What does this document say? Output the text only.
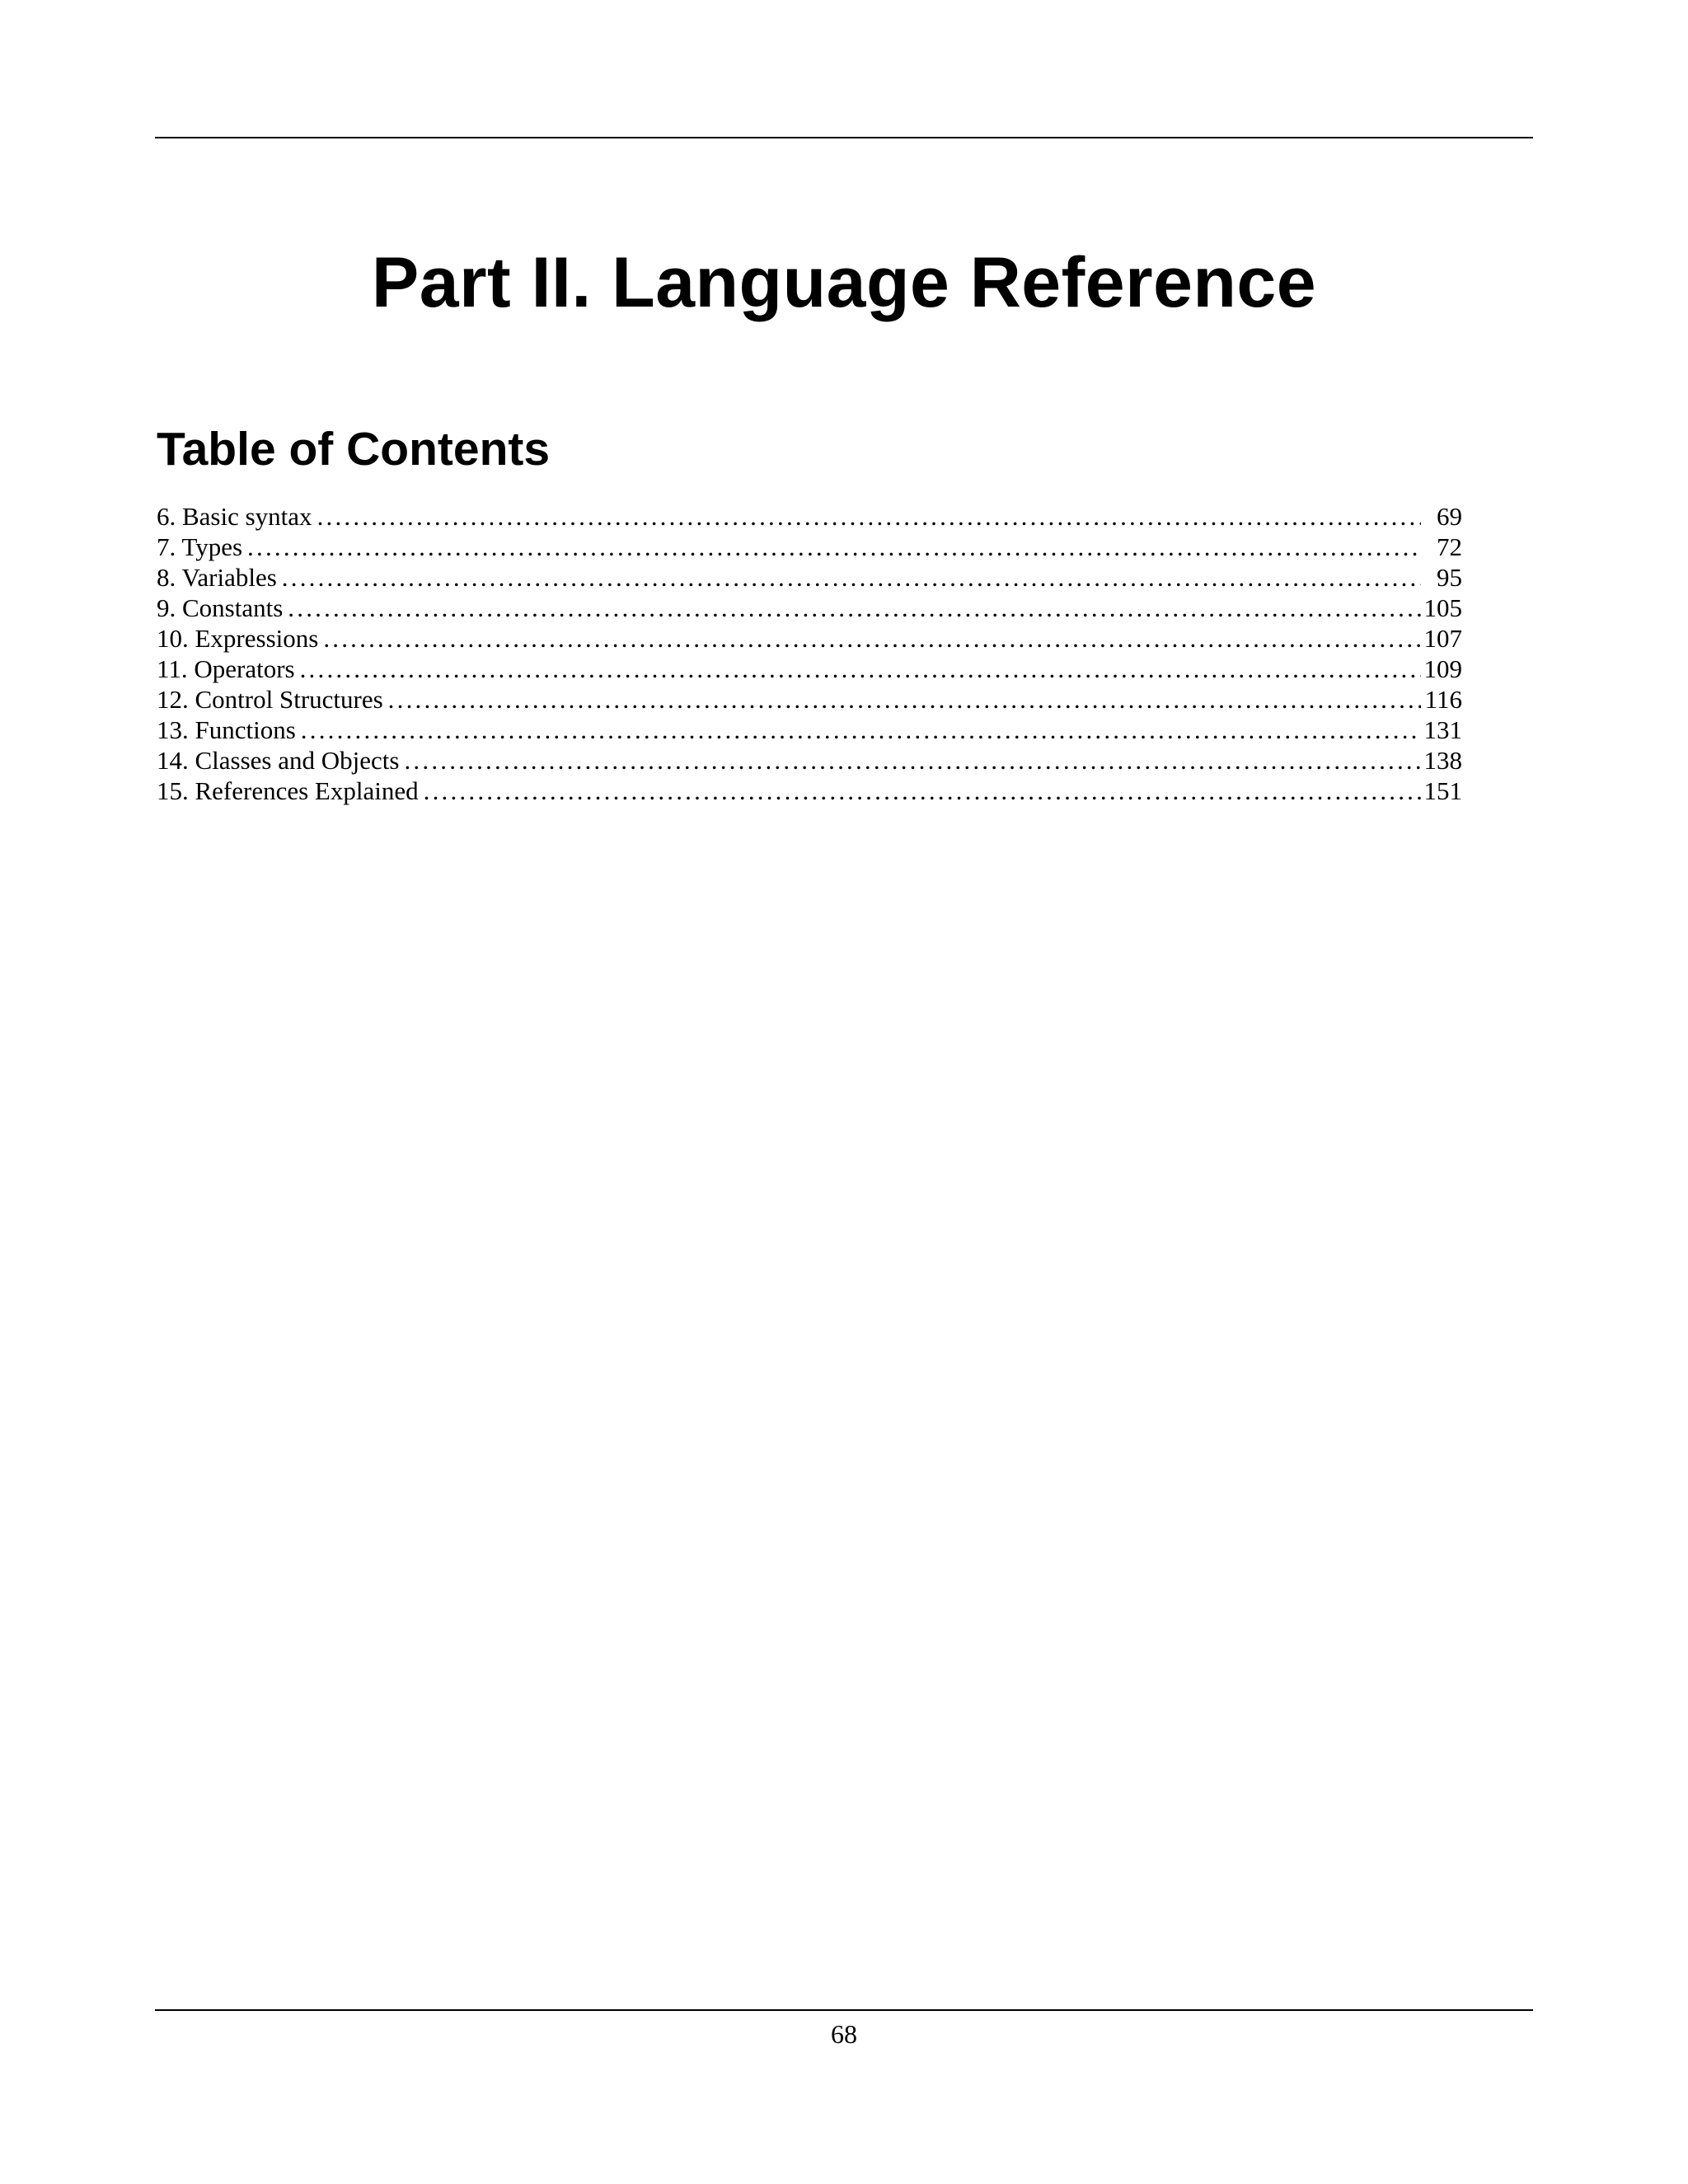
Part II. Language Reference
Table of Contents
6. Basic syntax .....	69
7. Types .....	72
8. Variables .....	95
9. Constants .....	105
10. Expressions .....	107
11. Operators .....	109
12. Control Structures .....	116
13. Functions .....	131
14. Classes and Objects .....	138
15. References Explained .....	151
68
